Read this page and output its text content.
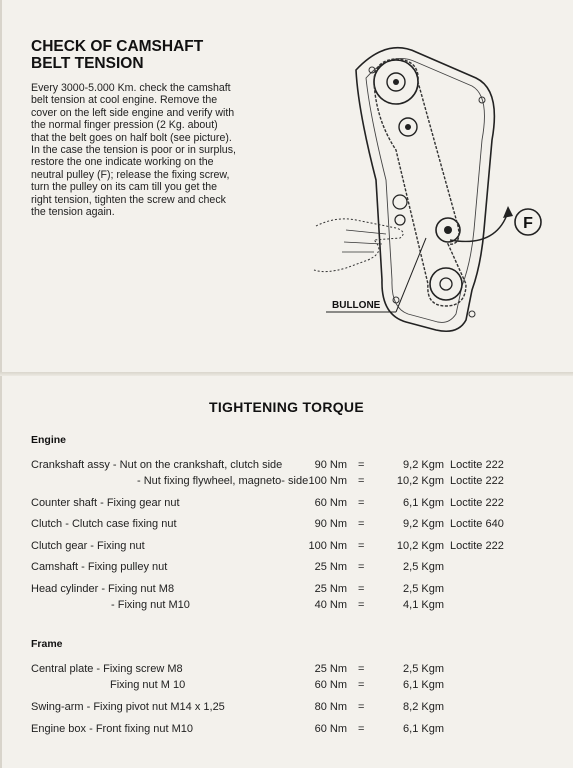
CHECK OF CAMSHAFT
BELT TENSION
Every 3000-5.000 Km. check the camshaft
belt tension at cool engine. Remove the
cover on the left side engine and verify with
the normal finger pression (2 Kg. about)
that the belt goes on half bolt (see picture).
In the case the tension is poor or in surplus,
restore the one indicate working on the
neutral pulley (F); release the fixing screw,
turn the pulley on its cam till you get the
right tension, tighten the screw and check
the tension again.
F
BULLONE
TIGHTENING TORQUE
Engine
Crankshaft assy - Nut on the crankshaft, clutch side	90 Nm =	9,2 Kgm Loctite 222
- Nut fixing flywheel, magneto- side 100 Nm =	10,2 Kgm Loctite 222
Counter shaft - Fixing gear nut	60 Nm =	6,1 Kgm Loctite 222
Clutch - Clutch case fixing nut	90 Nm =	9,2 Kgm Loctite 640
Clutch gear - Fixing nut	100 Nm =	10,2 Kgm Loctite 222
Camshaft - Fixing pulley nut	25 Nm =	2,5 Kgm
Head cylinder - Fixing nut M8	25 Nm =	2,5 Kgm
- Fixing nut M10	40 Nm =	4,1 Kgm
Frame
Central plate - Fixing screw M8	25 Nm =	2,5 Kgm
Fixing nut M 10	60 Nm =	6,1 Kgm
Swing-arm - Fixing pivot nut M14 x 1,25	80 Nm =	8,2 Kgm
Engine box - Front fixing nut M10	60 Nm =	6,1 Kgm
